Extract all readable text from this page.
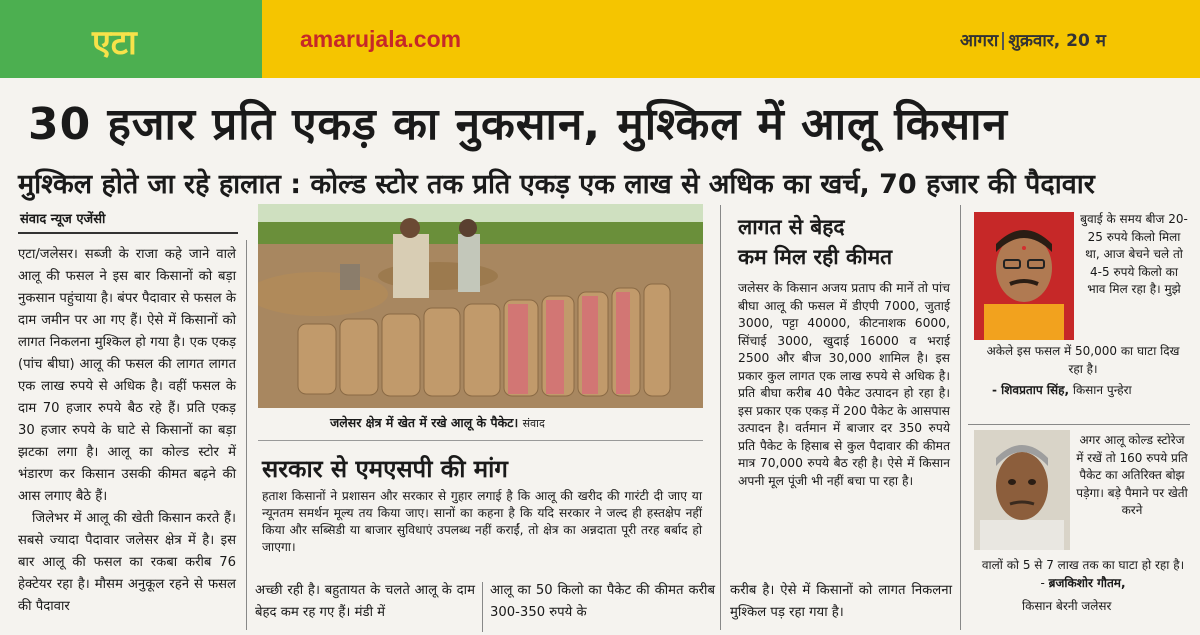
एटा	amarujala.com	आगरा शुक्रवार, 20 म
30 हजार प्रति एकड़ का नुकसान, मुश्किल में आलू किसान
मुश्किल होते जा रहे हालात : कोल्ड स्टोर तक प्रति एकड़ एक लाख से अधिक का खर्च, 70 हजार की पैदावार
संवाद न्यूज एजेंसी

एटा/जलेसर। सब्जी के राजा कहे जाने वाले आलू की फसल ने इस बार किसानों को बड़ा नुकसान पहुंचाया है। बंपर पैदावार से फसल के दाम जमीन पर आ गए हैं। ऐसे में किसानों को लागत निकलना मुश्किल हो गया है। एक एकड़ (पांच बीघा) आलू की फसल की लागत लागत एक लाख रुपये से अधिक है। वहीं फसल के दाम 70 हजार रुपये बैठ रहे हैं। प्रति एकड़ 30 हजार रुपये के घाटे से किसानों का बड़ा झटका लगा है। आलू का कोल्ड स्टोर में भंडारण कर किसान उसकी कीमत बढ़ने की आस लगाए बैठे हैं।

जिलेभर में आलू की खेती किसान करते हैं। सबसे ज्यादा पैदावार जलेसर क्षेत्र में है। इस बार आलू की फसल का रकबा करीब 76 हेक्टेयर रहा है। मौसम अनुकूल रहने से फसल की पैदावार

जलेसर क्षेत्र में खेत में रखे आलू के पैकेट। संवाद
सरकार से एमएसपी की मांग
हताश किसानों ने प्रशासन और सरकार से गुहार लगाई है कि आलू की खरीद की गारंटी दी जाए या न्यूनतम समर्थन मूल्य तय किया जाए। सानों का कहना है कि यदि सरकार ने जल्द ही हस्तक्षेप नहीं किया और सब्सिडी या बाजार सुविधाएं उपलब्ध नहीं कराईं, तो क्षेत्र का अन्नदाता पूरी तरह बर्बाद हो जाएगा।
लागत से बेहद
कम मिल रही कीमत
जलेसर के किसान अजय प्रताप की मानें तो पांच बीघा आलू की फसल में डीएपी 7000, जुताई 3000, पट्टा 40000, कीटनाशक 6000, सिंचाई 3000, खुदाई 16000 व भराई 2500 और बीज 30,000 शामिल है। इस प्रकार कुल लागत एक लाख रुपये से अधिक है। प्रति बीघा करीब 40 पैकेट उत्पादन हो रहा है। इस प्रकार एक एकड़ में 200 पैकेट के आसपास उत्पादन है। वर्तमान में बाजार दर 350 रुपये प्रति पैकेट के हिसाब से कुल पैदावार की कीमत मात्र 70,000 रुपये बैठ रही है। ऐसे में किसान अपनी मूल पूंजी भी नहीं बचा पा रहा है।
बुवाई के समय बीज 20-25 रुपये किलो मिला था, आज बेचने चले तो 4-5 रुपये किलो का भाव मिल रहा है। मुझे
अकेले इस फसल में 50,000 का घाटा दिख रहा है।
- शिवप्रताप सिंह, किसान पुन्हेरा
अगर आलू कोल्ड स्टोरेज में रखें तो 160 रुपये प्रति पैकेट का अतिरिक्त बोझ पड़ेगा। बड़े पैमाने पर खेती करने
वालों को 5 से 7 लाख तक का घाटा हो रहा है। - ब्रजकिशोर गौतम,
किसान बेरनी जलेसर
अच्छी रही है। बहुतायत के चलते आलू के दाम बेहद कम रह गए हैं। मंडी में
आलू का 50 किलो का पैकेट की कीमत करीब 300-350 रुपये के
करीब है। ऐसे में किसानों को लागत निकलना मुश्किल पड़ रहा गया है।
